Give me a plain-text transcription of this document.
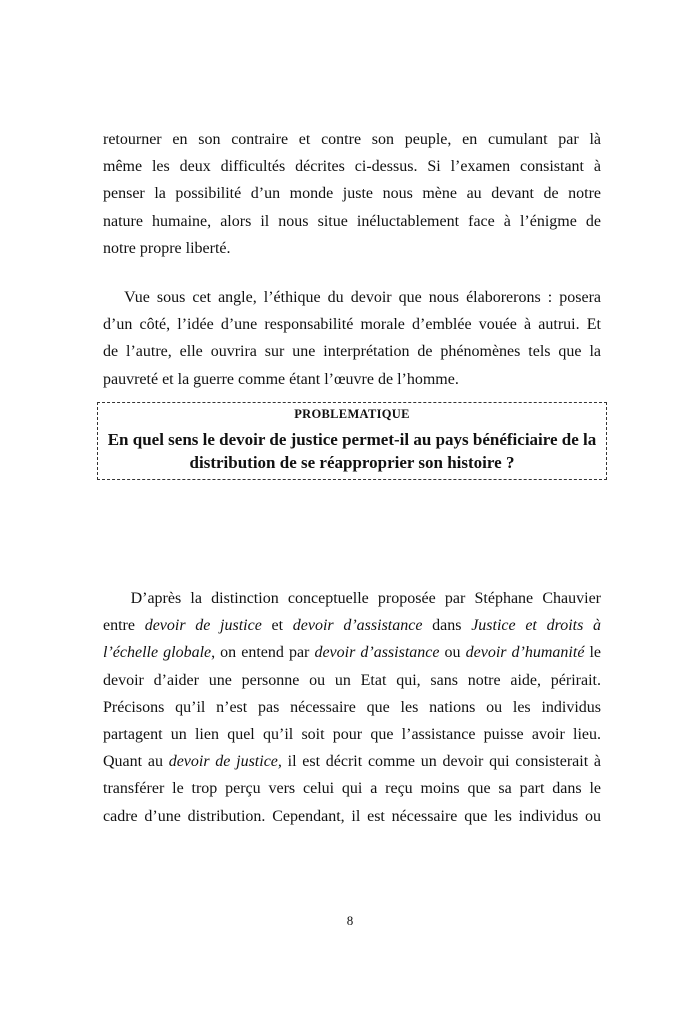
retourner en son contraire et contre son peuple, en cumulant par là
même les deux difficultés décrites ci-dessus. Si l’examen consistant à
penser la possibilité d’un monde juste nous mène au devant de notre
nature humaine, alors il nous situe inéluctablement face à l’énigme de
notre propre liberté.
Vue sous cet angle, l’éthique du devoir que nous élaborerons : posera
d’un côté, l’idée d’une responsabilité morale d’emblée vouée à autrui. Et
de l’autre, elle ouvrira sur une interprétation de phénomènes tels que la
pauvreté et la guerre comme étant l’œuvre de l’homme.
PROBLEMATIQUE
En quel sens le devoir de justice permet-il au pays bénéficiaire de la
distribution de se réapproprier son histoire ?
D’après la distinction conceptuelle proposée par Stéphane Chauvier
entre devoir de justice et devoir d’assistance dans Justice et droits à
l’échelle globale, on entend par devoir d’assistance ou devoir d’humanité le
devoir d’aider une personne ou un Etat qui, sans notre aide, périrait.
Précisons qu’il n’est pas nécessaire que les nations ou les individus
partagent un lien quel qu’il soit pour que l’assistance puisse avoir lieu.
Quant au devoir de justice, il est décrit comme un devoir qui consisterait à
transférer le trop perçu vers celui qui a reçu moins que sa part dans le
cadre d’une distribution. Cependant, il est nécessaire que les individus ou
8
